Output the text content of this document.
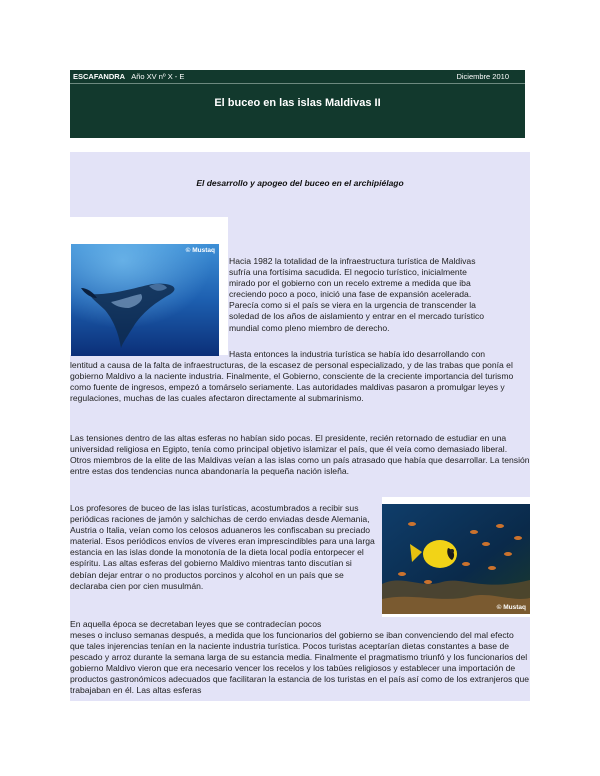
ESCAFANDRA Año XV nº X - E	Diciembre 2010
El buceo en las islas Maldivas II
El desarrollo y apogeo del buceo en el archipiélago
© Mustaq
© Mustaq

Hacia 1982 la totalidad de la infraestructura turística de Maldivas

sufría una fortísima sacudida. El negocio turístico, inicialmente

mirado por el gobierno con un recelo extreme a medida que iba

creciendo poco a poco, inició una fase de expansión acelerada.

Parecía como si el país se viera en la urgencia de transcender la

soledad de los años de aislamiento y entrar en el mercado turístico

mundial como pleno miembro de derecho.

Hasta entonces la industria turística se había ido desarrollando con
lentitud a causa de la falta de infraestructuras, de la escasez de personal especializado, y de las trabas que ponía el gobierno Maldivo a la naciente industria. Finalmente, el Gobierno, consciente de la creciente importancia del turismo como fuente de ingresos, empezó a tomárselo seriamente. Las autoridades maldivas pasaron a promulgar leyes y regulaciones, muchas de las cuales afectaron directamente al submarinismo.
Las tensiones dentro de las altas esferas no habían sido pocas. El presidente, recién retornado de estudiar en una universidad religiosa en Egipto, tenía como principal objetivo islamizar el país, que él veía como demasiado liberal. Otros miembros de la elite de las Maldivas veían a las islas como un país atrasado que había que desarrollar. La tensión entre estas dos tendencias nunca abandonaría la pequeña nación isleña.
Los profesores de buceo de las islas turísticas, acostumbrados a recibir sus periódicas raciones de jamón y salchichas de cerdo enviadas desde Alemania, Austria o Italia, veían como los celosos aduaneros les confiscaban su preciado material. Esos periódicos envíos de víveres eran imprescindibles para una larga estancia en las islas donde la monotonía de la dieta local podía entorpecer el espíritu. Las altas esferas del gobierno Maldivo mientras tanto discutían si debían dejar entrar o no productos porcinos y alcohol en un país que se declaraba cien por cien musulmán.
En aquella época se decretaban leyes que se contradecían pocos
meses o incluso semanas después, a medida que los funcionarios del gobierno se iban convenciendo del mal efecto que tales injerencias tenían en la naciente industria turística. Pocos turistas aceptarían dietas constantes a base de pescado y arroz durante la semana larga de su estancia media. Finalmente el pragmatismo triunfó y los funcionarios del gobierno Maldivo vieron que era necesario vencer los recelos y los tabúes religiosos y establecer una importación de productos gastronómicos adecuados que facilitaran la estancia de los turistas en el país así como de los extranjeros que trabajaban en él. Las altas esferas
